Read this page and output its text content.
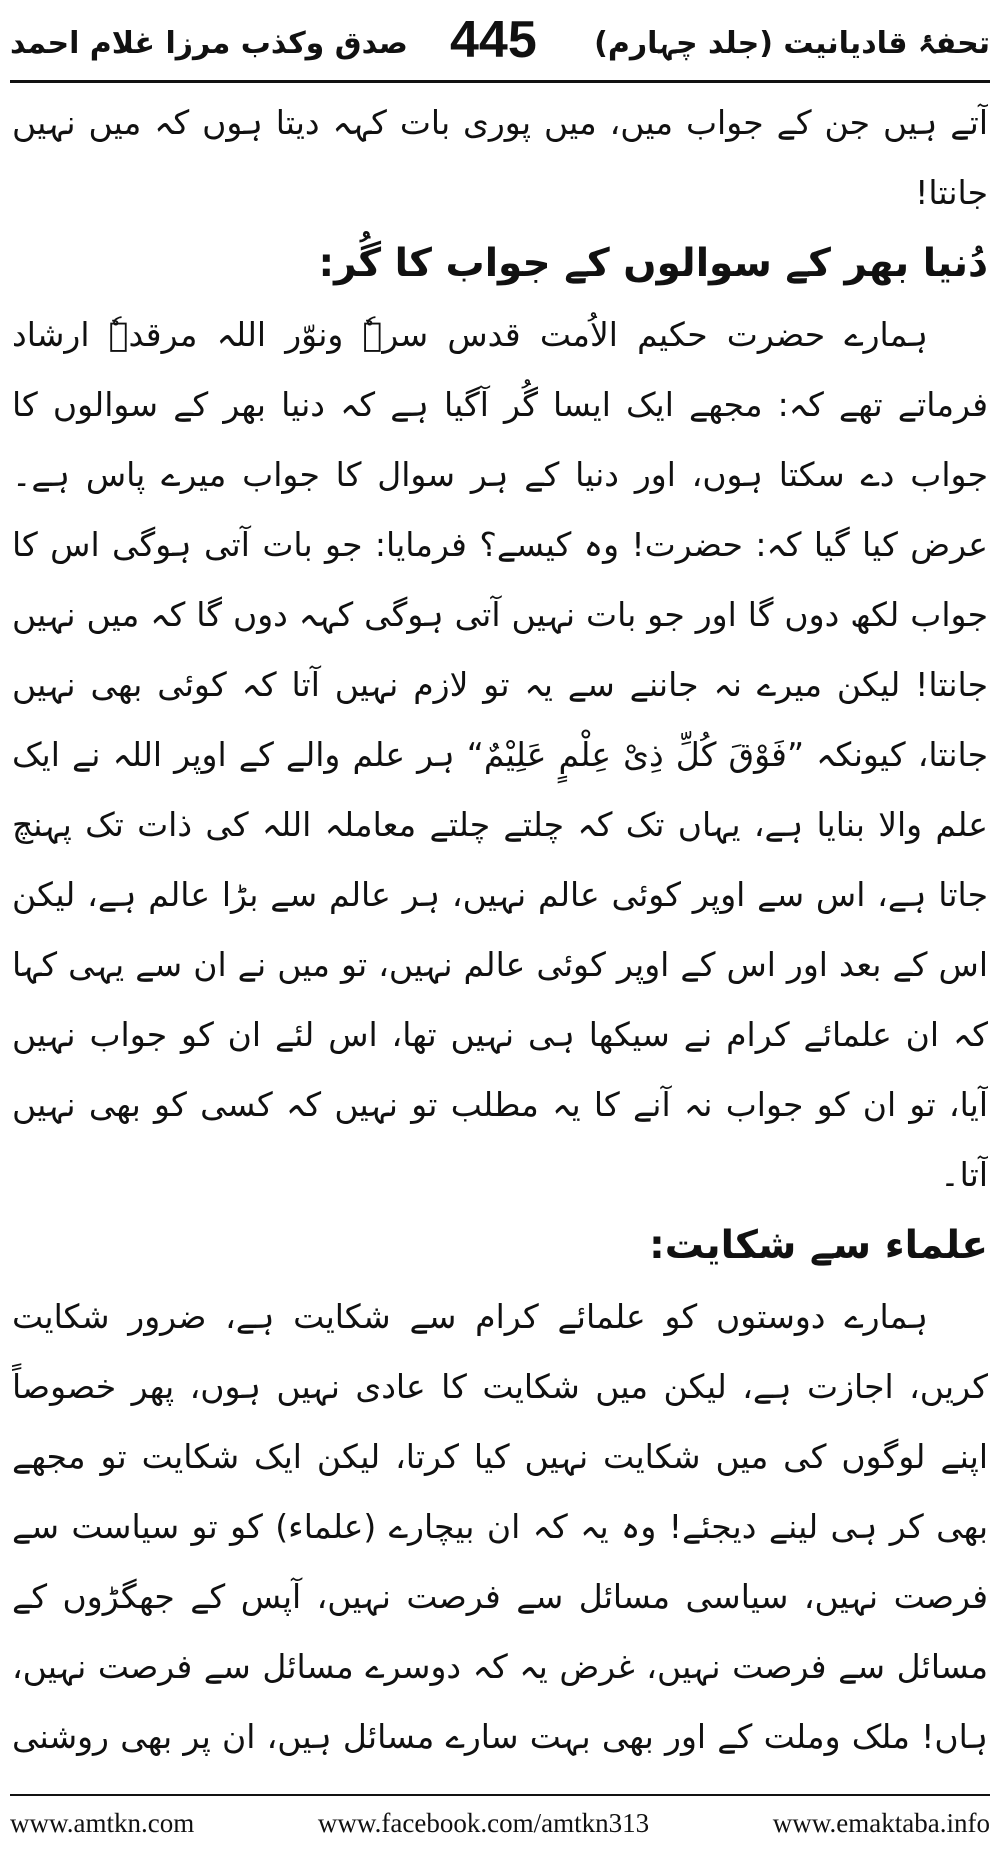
صدق وکذب مرزا غلام احمد 445	تحفۂ قادیانیت (جلد چہارم)

آتے ہیں جن کے جواب میں، میں پوری بات کہہ دیتا ہوں کہ میں نہیں جانتا!

دُنیا بھر کے سوالوں کے جواب کا گُر:

ہمارے حضرت حکیم الاُمت قدس سرہٗ ونوّر اللہ مرقدہٗ ارشاد فرماتے تھے کہ: مجھے ایک ایسا گُر آگیا ہے کہ دنیا بھر کے سوالوں کا جواب دے سکتا ہوں، اور دنیا کے ہر سوال کا جواب میرے پاس ہے۔ عرض کیا گیا کہ: حضرت! وہ کیسے؟ فرمایا: جو بات آتی ہوگی اس کا جواب لکھ دوں گا اور جو بات نہیں آتی ہوگی کہہ دوں گا کہ میں نہیں جانتا! لیکن میرے نہ جاننے سے یہ تو لازم نہیں آتا کہ کوئی بھی نہیں جانتا، کیونکہ ”فَوْقَ کُلِّ ذِیْ عِلْمٍ عَلِیْمٌ“ ہر علم والے کے اوپر اللہ نے ایک علم والا بنایا ہے، یہاں تک کہ چلتے چلتے معاملہ اللہ کی ذات تک پہنچ جاتا ہے، اس سے اوپر کوئی عالم نہیں، ہر عالم سے بڑا عالم ہے، لیکن اس کے بعد اور اس کے اوپر کوئی عالم نہیں، تو میں نے ان سے یہی کہا کہ ان علمائے کرام نے سیکھا ہی نہیں تھا، اس لئے ان کو جواب نہیں آیا، تو ان کو جواب نہ آنے کا یہ مطلب تو نہیں کہ کسی کو بھی نہیں آتا۔

علماء سے شکایت:

ہمارے دوستوں کو علمائے کرام سے شکایت ہے، ضرور شکایت کریں، اجازت ہے، لیکن میں شکایت کا عادی نہیں ہوں، پھر خصوصاً اپنے لوگوں کی میں شکایت نہیں کیا کرتا، لیکن ایک شکایت تو مجھے بھی کر ہی لینے دیجئے! وہ یہ کہ ان بیچارے (علماء) کو تو سیاست سے فرصت نہیں، سیاسی مسائل سے فرصت نہیں، آپس کے جھگڑوں کے مسائل سے فرصت نہیں، غرض یہ کہ دوسرے مسائل سے فرصت نہیں، ہاں! ملک وملت کے اور بھی بہت سارے مسائل ہیں، ان پر بھی روشنی

www.amtkn.com	www.facebook.com/amtkn313	www.emaktaba.info
